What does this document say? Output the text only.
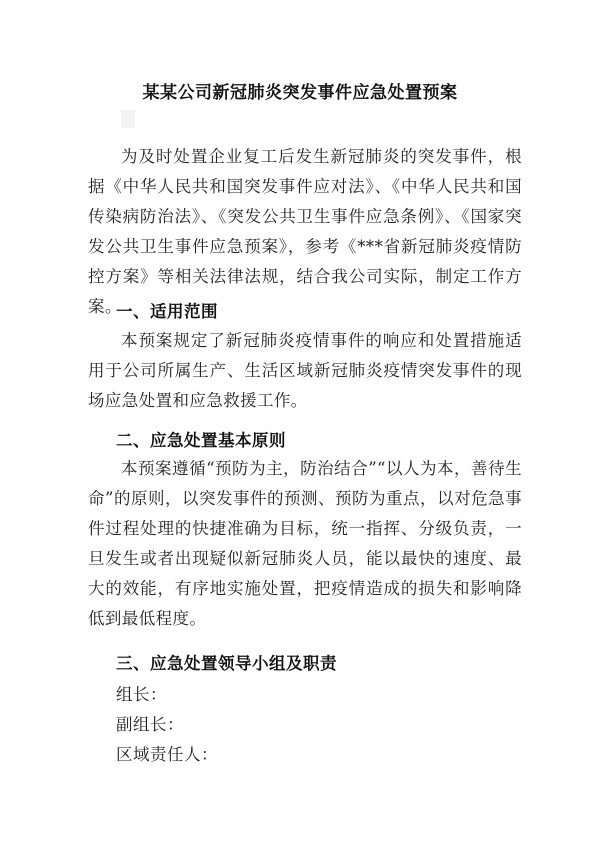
某某公司新冠肺炎突发事件应急处置预案
为及时处置企业复工后发生新冠肺炎的突发事件，根据《中华人民共和国突发事件应对法》、《中华人民共和国传染病防治法》、《突发公共卫生事件应急条例》、《国家突发公共卫生事件应急预案》，参考《***省新冠肺炎疫情防控方案》等相关法律法规，结合我公司实际，制定工作方案。
一、适用范围
本预案规定了新冠肺炎疫情事件的响应和处置措施适用于公司所属生产、生活区域新冠肺炎疫情突发事件的现场应急处置和应急救援工作。
二、应急处置基本原则
本预案遵循“预防为主，防治结合”“以人为本，善待生命”的原则，以突发事件的预测、预防为重点，以对危急事件过程处理的快捷准确为目标，统一指挥、分级负责，一旦发生或者出现疑似新冠肺炎人员，能以最快的速度、最大的效能，有序地实施处置，把疫情造成的损失和影响降低到最低程度。
三、应急处置领导小组及职责
组长：
副组长：
区域责任人：
